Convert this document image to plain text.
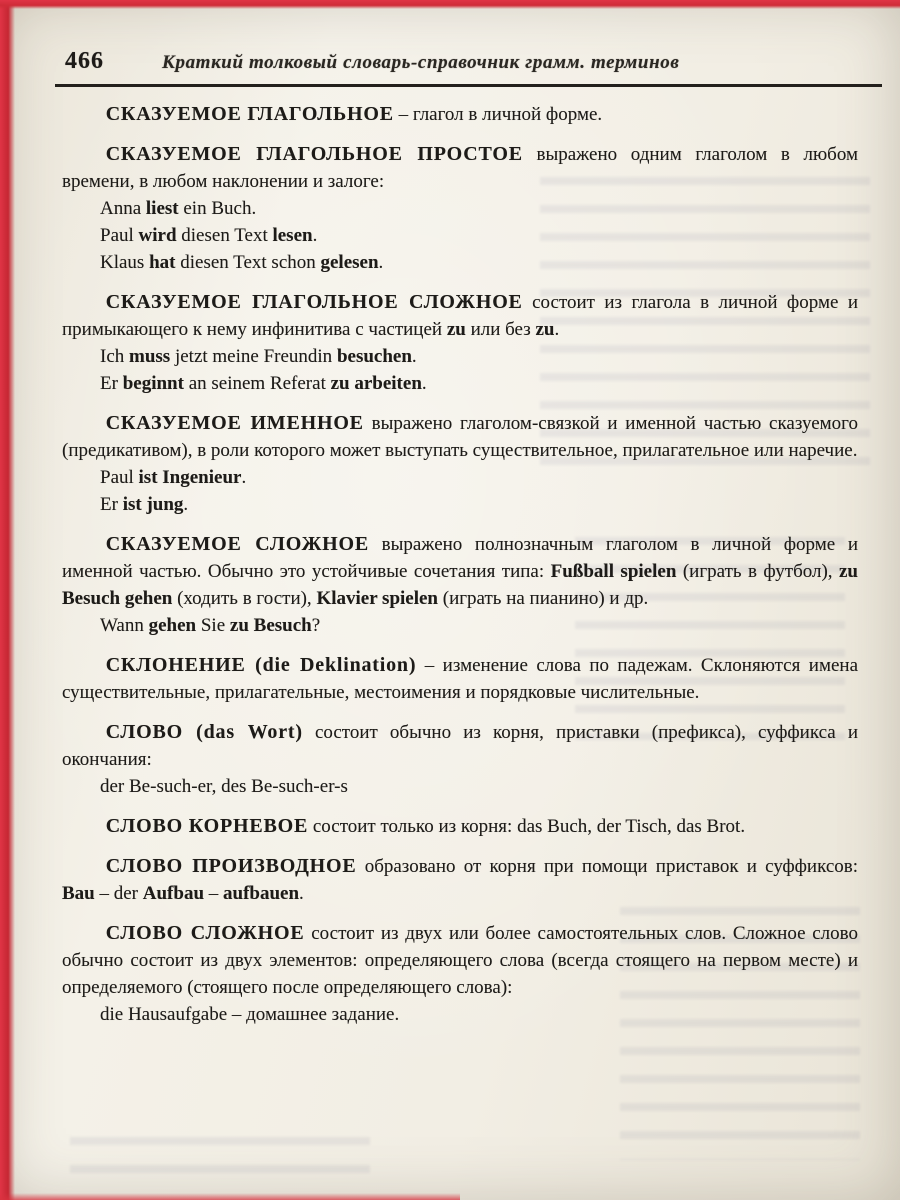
466	Краткий толковый словарь-справочник грамм. терминов

СКАЗУЕМОЕ ГЛАГОЛЬНОЕ – глагол в личной форме.

СКАЗУЕМОЕ ГЛАГОЛЬНОЕ ПРОСТОЕ выражено одним глаголом в любом времени, в любом наклонении и залоге:

Anna liest ein Buch.

Paul wird diesen Text lesen.

Klaus hat diesen Text schon gelesen.

СКАЗУЕМОЕ ГЛАГОЛЬНОЕ СЛОЖНОЕ состоит из глагола в личной форме и примыкающего к нему инфинитива с частицей zu или без zu.

Ich muss jetzt meine Freundin besuchen.

Er beginnt an seinem Referat zu arbeiten.

СКАЗУЕМОЕ ИМЕННОЕ выражено глаголом-связкой и именной частью сказуемого (предикативом), в роли которого может выступать существительное, прилагательное или наречие.

Paul ist Ingenieur.

Er ist jung.

СКАЗУЕМОЕ СЛОЖНОЕ выражено полнозначным глаголом в личной форме и именной частью. Обычно это устойчивые сочетания типа: Fußball spielen (играть в футбол), zu Besuch gehen (ходить в гости), Klavier spielen (играть на пианино) и др.

Wann gehen Sie zu Besuch?

СКЛОНЕНИЕ (die Deklination) – изменение слова по падежам. Склоняются имена существительные, прилагательные, местоимения и порядковые числительные.

СЛОВО (das Wort) состоит обычно из корня, приставки (префикса), суффикса и окончания:

der Be-such-er, des Be-such-er-s

СЛОВО КОРНЕВОЕ состоит только из корня: das Buch, der Tisch, das Brot.

СЛОВО ПРОИЗВОДНОЕ образовано от корня при помощи приставок и суффиксов: Bau – der Aufbau – aufbauen.

СЛОВО СЛОЖНОЕ состоит из двух или более самостоятельных слов. Сложное слово обычно состоит из двух элементов: определяющего слова (всегда стоящего на первом месте) и определяемого (стоящего после определяющего слова):

die Hausaufgabe – домашнее задание.
